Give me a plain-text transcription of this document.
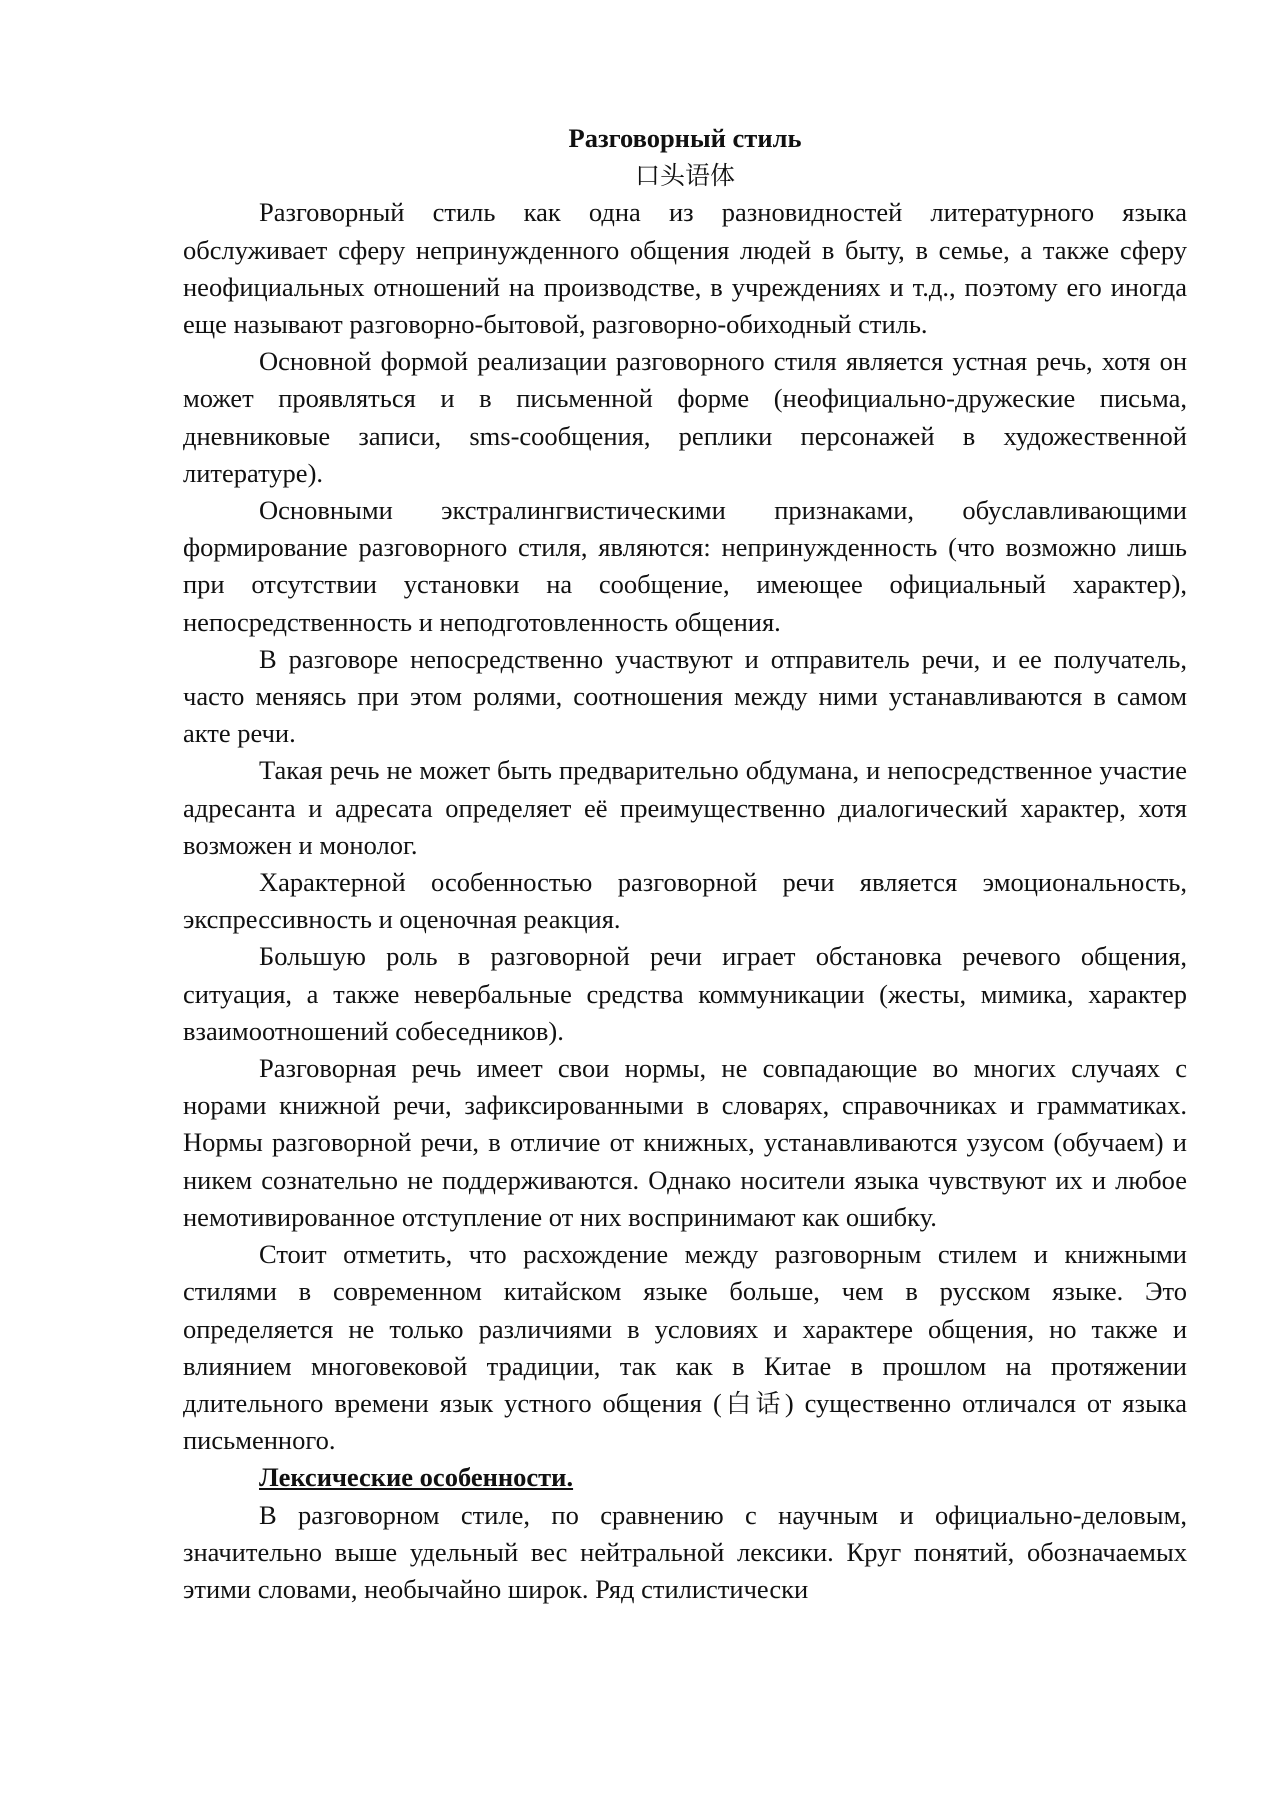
Разговорный стиль

口头语体

Разговорный стиль как одна из разновидностей литературного языка обслуживает сферу непринужденного общения людей в быту, в семье, а также сферу неофициальных отношений на производстве, в учреждениях и т.д., поэтому его иногда еще называют разговорно-бытовой, разговорно-обиходный стиль.

Основной формой реализации разговорного стиля является устная речь, хотя он может проявляться и в письменной форме (неофициально-дружеские письма, дневниковые записи, sms-сообщения, реплики персонажей в художественной литературе).

Основными экстралингвистическими признаками, обуславливающими формирование разговорного стиля, являются: непринужденность (что возможно лишь при отсутствии установки на сообщение, имеющее официальный характер), непосредственность и неподготовленность общения.

В разговоре непосредственно участвуют и отправитель речи, и ее получатель, часто меняясь при этом ролями, соотношения между ними устанавливаются в самом акте речи.

Такая речь не может быть предварительно обдумана, и непосредственное участие адресанта и адресата определяет её преимущественно диалогический характер, хотя возможен и монолог.

Характерной особенностью разговорной речи является эмоциональность, экспрессивность и оценочная реакция.

Большую роль в разговорной речи играет обстановка речевого общения, ситуация, а также невербальные средства коммуникации (жесты, мимика, характер взаимоотношений собеседников).

Разговорная речь имеет свои нормы, не совпадающие во многих случаях с норами книжной речи, зафиксированными в словарях, справочниках и грамматиках. Нормы разговорной речи, в отличие от книжных, устанавливаются узусом (обучаем) и никем сознательно не поддерживаются. Однако носители языка чувствуют их и любое немотивированное отступление от них воспринимают как ошибку.

Стоит отметить, что расхождение между разговорным стилем и книжными стилями в современном китайском языке больше, чем в русском языке. Это определяется не только различиями в условиях и характере общения, но также и влиянием многовековой традиции, так как в Китае в прошлом на протяжении длительного времени язык устного общения (白话) существенно отличался от языка письменного.

Лексические особенности.

В разговорном стиле, по сравнению с научным и официально-деловым, значительно выше удельный вес нейтральной лексики. Круг понятий, обозначаемых этими словами, необычайно широк. Ряд стилистически
